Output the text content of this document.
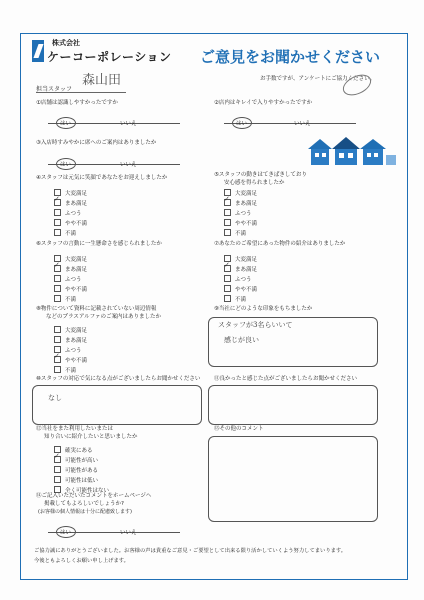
株式会社
ケーコーポレーション ご意見をお聞かせください
お手数ですが、アンケートにご協力ください。
担当スタッフ
森山田
①店舗は認識しやすかったですか
はい	いいえ
②店内はキレイで入りやすかったですか
はい	いいえ
③入店時すみやかに席へのご案内はありましたか
はい	いいえ
④スタッフは元気に笑顔であなたをお迎えしましたか
大変満足
✓まあ満足
ふつう
やや不満
不満
⑤スタッフの動きはてきぱきしており
安心感を得られましたか
大変満足
✓まあ満足
ふつう
やや不満
不満
⑥スタッフの言動に一生懸命さを感じられましたか
大変満足
✓まあ満足
ふつう
やや不満
不満
⑦あなたのご希望にあった物件の紹介はありましたか
大変満足
✓まあ満足
ふつう
やや不満
不満
⑧物件について資料に記載されていない周辺情報
などのプラスアルファのご案内はありましたか
大変満足
まあ満足
ふつう
✓やや不満
不満
⑨当社にどのような印象をもちましたか
スタッフが3名らいいて
感じが良い
⑩スタッフの対応で気になる点がございましたらお聞かせください
なし
⑪良かったと感じた点がございましたらお聞かせください
⑫当社をまた利用したいまたは
知り合いに紹介したいと思いましたか
確実にある
✓可能性が高い
可能性がある
可能性は低い
全く可能性はない
⑬その他のコメント
⑭ご記入いただいたコメントをホームページへ
掲載してもよろしいでしょうか?
(お客様の個人情報は十分に配慮致します)
はい	いいえ
ご協力誠にありがとうございました。お客様の声は貴重なご意見・ご要望として出来る限り活かしていくよう努力してまいります。
今後ともよろしくお願い申し上げます。
